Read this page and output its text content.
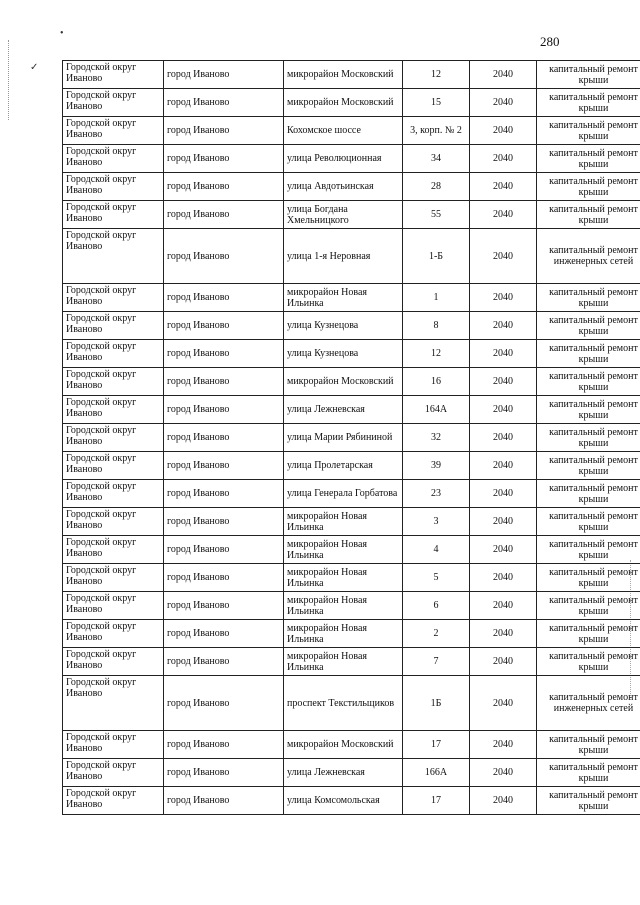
280
•
✓	Городской округ Иваново	город Иваново	микрорайон Московский	12	2040	капитальный ремонт крыши
Городской округ Иваново	город Иваново	микрорайон Московский	15	2040	капитальный ремонт крыши
Городской округ Иваново	город Иваново	Кохомское шоссе	3, корп. № 2	2040	капитальный ремонт крыши
Городской округ Иваново	город Иваново	улица Революционная	34	2040	капитальный ремонт крыши
Городской округ Иваново	город Иваново	улица Авдотьинская	28	2040	капитальный ремонт крыши
Городской округ Иваново	город Иваново	улица Богдана Хмельницкого	55	2040	капитальный ремонт крыши
Городской округ Иваново	город Иваново	улица 1-я Неровная	1-Б	2040	капитальный ремонт инженерных сетей
Городской округ Иваново	город Иваново	микрорайон Новая Ильинка	1	2040	капитальный ремонт крыши
Городской округ Иваново	город Иваново	улица Кузнецова	8	2040	капитальный ремонт крыши
Городской округ Иваново	город Иваново	улица Кузнецова	12	2040	капитальный ремонт крыши
Городской округ Иваново	город Иваново	микрорайон Московский	16	2040	капитальный ремонт крыши
Городской округ Иваново	город Иваново	улица Лежневская	164А	2040	капитальный ремонт крыши
Городской округ Иваново	город Иваново	улица Марии Рябининой	32	2040	капитальный ремонт крыши
Городской округ Иваново	город Иваново	улица Пролетарская	39	2040	капитальный ремонт крыши
Городской округ Иваново	город Иваново	улица Генерала Горбатова	23	2040	капитальный ремонт крыши
Городской округ Иваново	город Иваново	микрорайон Новая Ильинка	3	2040	капитальный ремонт крыши
Городской округ Иваново	город Иваново	микрорайон Новая Ильинка	4	2040	капитальный ремонт крыши
Городской округ Иваново	город Иваново	микрорайон Новая Ильинка	5	2040	капитальный ремонт крыши
Городской округ Иваново	город Иваново	микрорайон Новая Ильинка	6	2040	капитальный ремонт крыши
Городской округ Иваново	город Иваново	микрорайон Новая Ильинка	2	2040	капитальный ремонт крыши
Городской округ Иваново	город Иваново	микрорайон Новая Ильинка	7	2040	капитальный ремонт крыши
Городской округ Иваново	город Иваново	проспект Текстильщиков	1Б	2040	капитальный ремонт инженерных сетей
Городской округ Иваново	город Иваново	микрорайон Московский	17	2040	капитальный ремонт крыши
Городской округ Иваново	город Иваново	улица Лежневская	166А	2040	капитальный ремонт крыши
Городской округ Иваново	город Иваново	улица Комсомольская	17	2040	капитальный ремонт крыши
